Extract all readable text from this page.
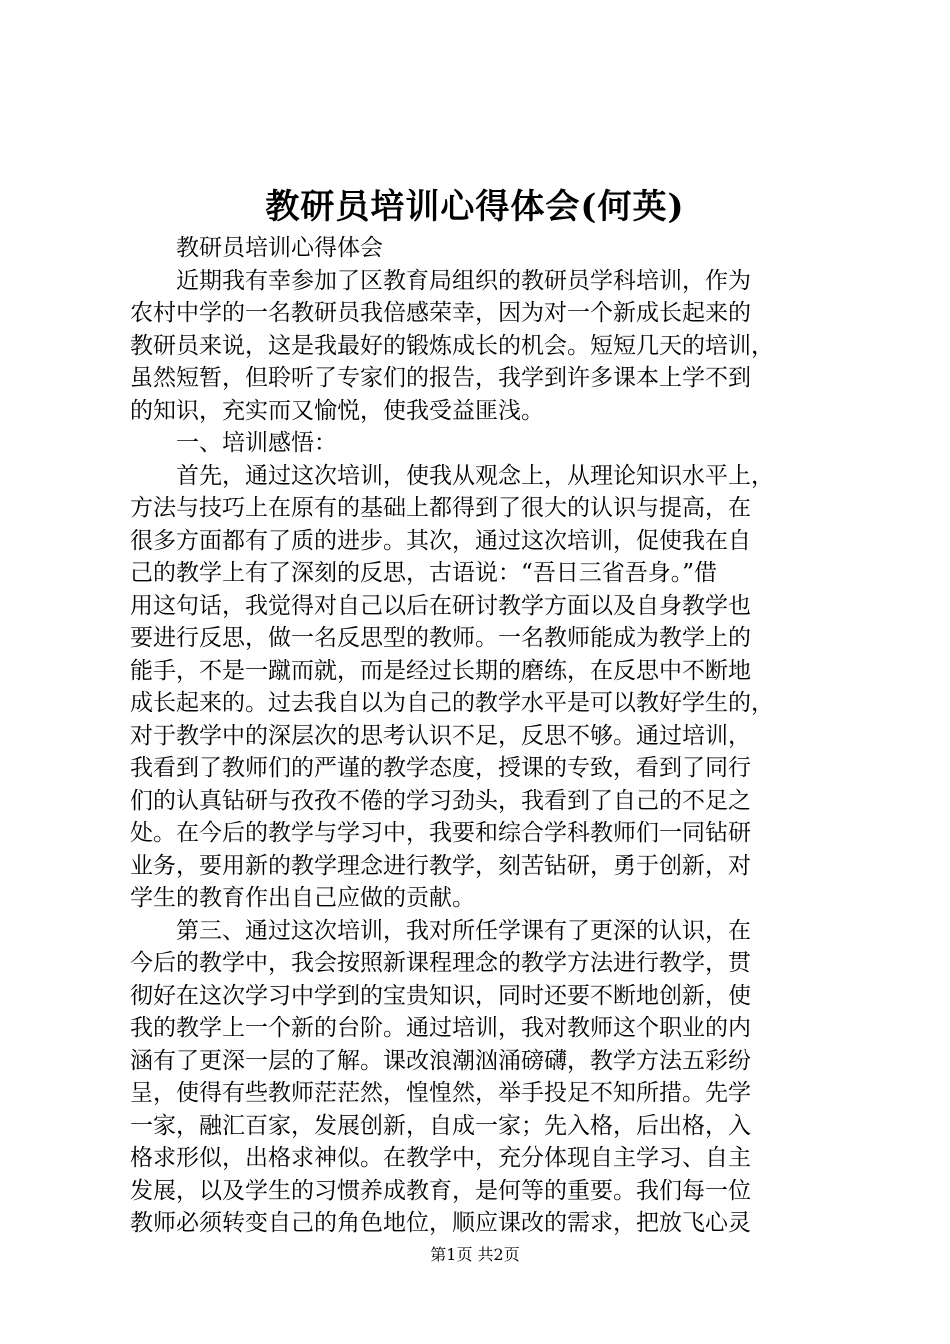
教研员培训心得体会(何英)
　　教研员培训心得体会
　　近期我有幸参加了区教育局组织的教研员学科培训，作为
农村中学的一名教研员我倍感荣幸，因为对一个新成长起来的
教研员来说，这是我最好的锻炼成长的机会。短短几天的培训，
虽然短暂，但聆听了专家们的报告，我学到许多课本上学不到
的知识，充实而又愉悦，使我受益匪浅。
　　一、培训感悟：
　　首先，通过这次培训，使我从观念上，从理论知识水平上，
方法与技巧上在原有的基础上都得到了很大的认识与提高，在
很多方面都有了质的进步。其次，通过这次培训，促使我在自
己的教学上有了深刻的反思，古语说：“吾日三省吾身。”借
用这句话，我觉得对自己以后在研讨教学方面以及自身教学也
要进行反思，做一名反思型的教师。一名教师能成为教学上的
能手，不是一蹴而就，而是经过长期的磨练，在反思中不断地
成长起来的。过去我自以为自己的教学水平是可以教好学生的，
对于教学中的深层次的思考认识不足，反思不够。通过培训，
我看到了教师们的严谨的教学态度，授课的专致，看到了同行
们的认真钻研与孜孜不倦的学习劲头，我看到了自己的不足之
处。在今后的教学与学习中，我要和综合学科教师们一同钻研
业务，要用新的教学理念进行教学，刻苦钻研，勇于创新，对
学生的教育作出自己应做的贡献。
　　第三、通过这次培训，我对所任学课有了更深的认识，在
今后的教学中，我会按照新课程理念的教学方法进行教学，贯
彻好在这次学习中学到的宝贵知识，同时还要不断地创新，使
我的教学上一个新的台阶。通过培训，我对教师这个职业的内
涵有了更深一层的了解。课改浪潮汹涌磅礴，教学方法五彩纷
呈，使得有些教师茫茫然，惶惶然，举手投足不知所措。先学
一家，融汇百家，发展创新，自成一家；先入格，后出格，入
格求形似，出格求神似。在教学中，充分体现自主学习、自主
发展，以及学生的习惯养成教育，是何等的重要。我们每一位
教师必须转变自己的角色地位，顺应课改的需求，把放飞心灵
第1页 共2页
